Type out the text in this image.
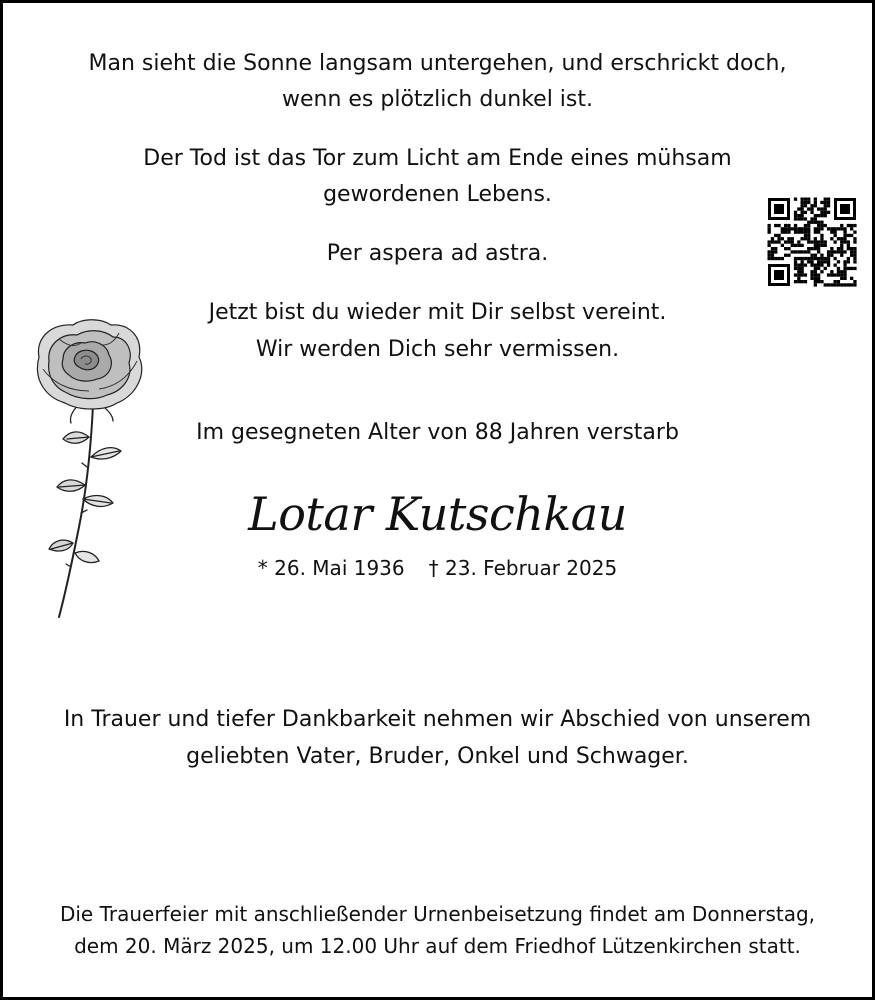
Man sieht die Sonne langsam untergehen, und erschrickt doch,
wenn es plötzlich dunkel ist.
Der Tod ist das Tor zum Licht am Ende eines mühsam
gewordenen Lebens.
Per aspera ad astra.
Jetzt bist du wieder mit Dir selbst vereint.
Wir werden Dich sehr vermissen.
Im gesegneten Alter von 88 Jahren verstarb
Lotar Kutschkau
* 26. Mai 1936 † 23. Februar 2025
In Trauer und tiefer Dankbarkeit nehmen wir Abschied von unserem
geliebten Vater, Bruder, Onkel und Schwager.
Die Trauerfeier mit anschließender Urnenbeisetzung findet am Donnerstag,
dem 20. März 2025, um 12.00 Uhr auf dem Friedhof Lützenkirchen statt.
